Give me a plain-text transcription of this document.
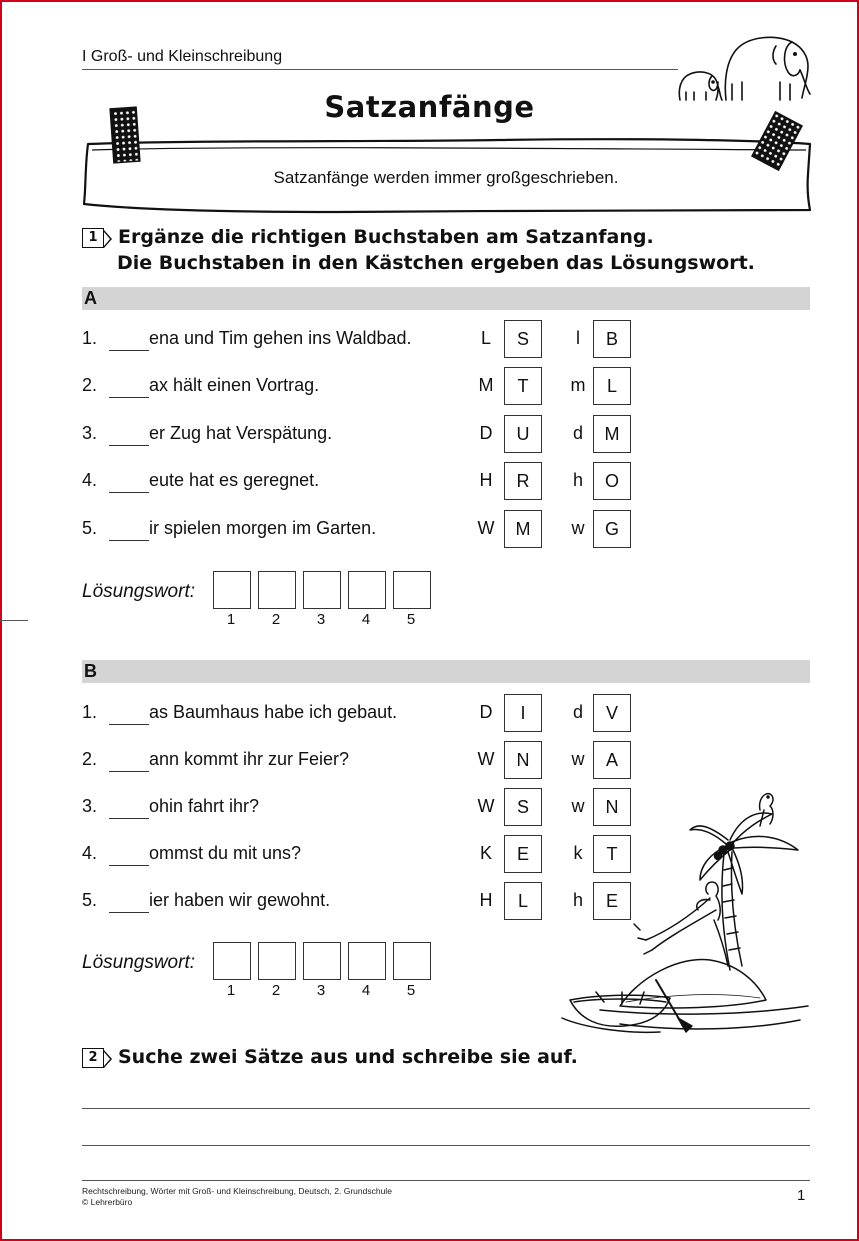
I Groß- und Kleinschreibung
Satzanfänge
Satzanfänge werden immer großgeschrieben.
1 Ergänze die richtigen Buchstaben am Satzanfang.
Die Buchstaben in den Kästchen ergeben das Lösungswort.
A
1.	ena und Tim gehen ins Waldbad.	L	S	l	B
2.	ax hält einen Vortrag.	M	T	m	L
3.	er Zug hat Verspätung.	D	U	d	M
4.	eute hat es geregnet.	H	R	h	O
5.	ir spielen morgen im Garten.	W	M	w	G
Lösungswort:
1	2	3	4	5
B
1.	as Baumhaus habe ich gebaut.	D	I	d	V
2.	ann kommt ihr zur Feier?	W	N	w	A
3.	ohin fahrt ihr?	W	S	w	N
4.	ommst du mit uns?	K	E	k	T
5.	ier haben wir gewohnt.	H	L	h	E
Lösungswort:
1	2	3	4	5
2 Suche zwei Sätze aus und schreibe sie auf.
Rechtschreibung, Wörter mit Groß- und Kleinschreibung, Deutsch, 2. Grundschule
© Lehrerbüro	1
